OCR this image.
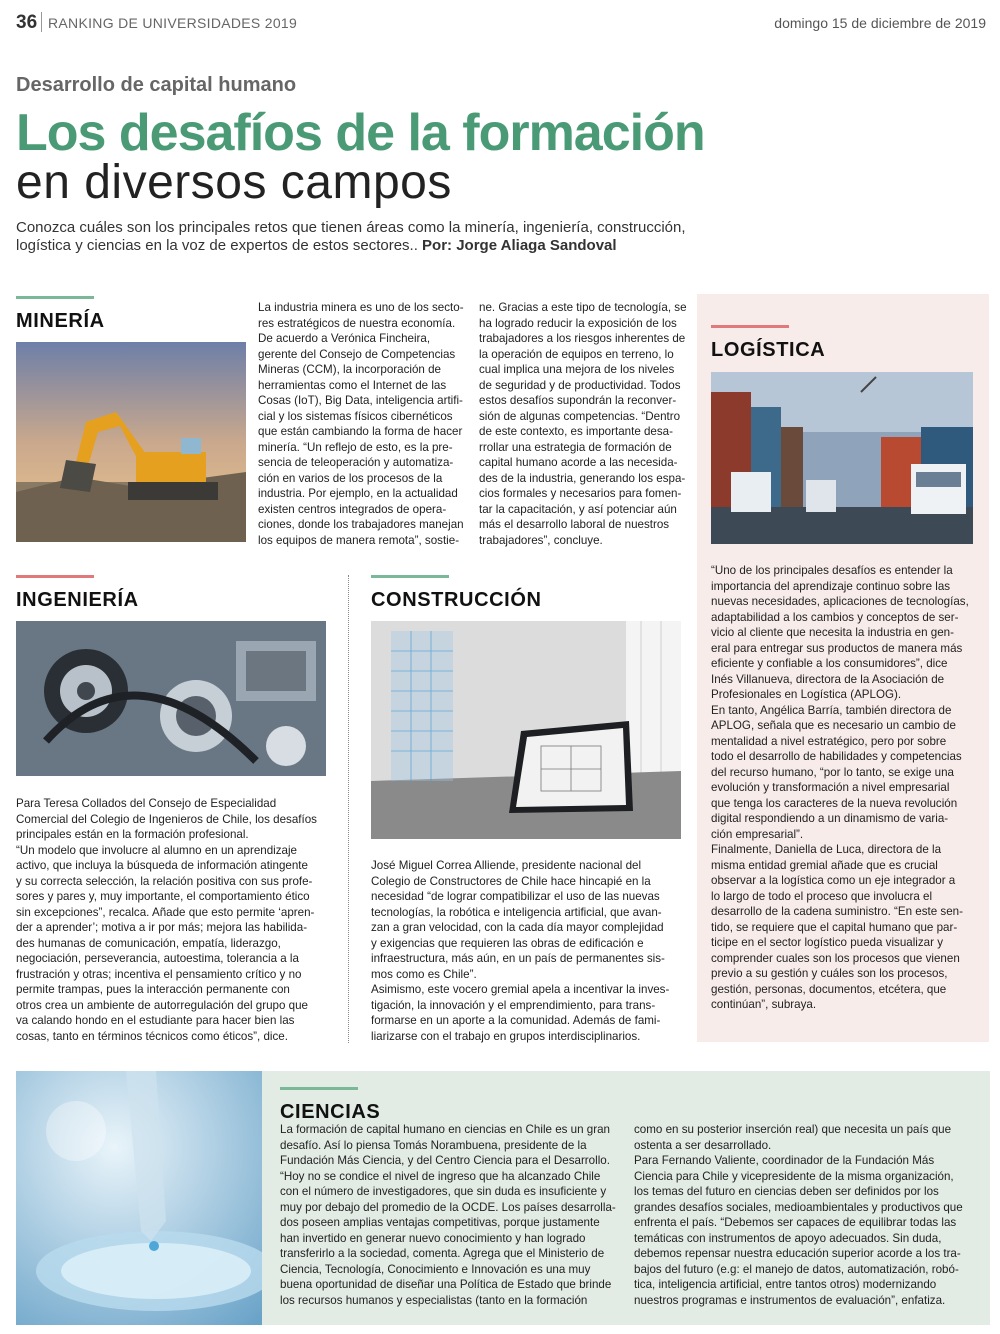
36 RANKING DE UNIVERSIDADES 2019	domingo 15 de diciembre de 2019
Desarrollo de capital humano
Los desafíos de la formación
en diversos campos
Conozca cuáles son los principales retos que tienen áreas como la minería, ingeniería, construcción, logística y ciencias en la voz de expertos de estos sectores.. Por: Jorge Aliaga Sandoval
MINERÍA

La industria minera es uno de los secto-

res estratégicos de nuestra economía.

De acuerdo a Verónica Fincheira,

gerente del Consejo de Competencias

Mineras (CCM), la incorporación de

herramientas como el Internet de las

Cosas (IoT), Big Data, inteligencia artifi-

cial y los sistemas físicos cibernéticos

que están cambiando la forma de hacer

minería. “Un reflejo de esto, es la pre-

sencia de teleoperación y automatiza-

ción en varios de los procesos de la

industria. Por ejemplo, en la actualidad

existen centros integrados de opera-

ciones, donde los trabajadores manejan

los equipos de manera remota”, sostie-

ne. Gracias a este tipo de tecnología, se

ha logrado reducir la exposición de los

trabajadores a los riesgos inherentes de

la operación de equipos en terreno, lo

cual implica una mejora de los niveles

de seguridad y de productividad. Todos

estos desafíos supondrán la reconver-

sión de algunas competencias. “Dentro

de este contexto, es importante desa-

rrollar una estrategia de formación de

capital humano acorde a las necesida-

des de la industria, generando los espa-

cios formales y necesarios para fomen-

tar la capacitación, y así potenciar aún

más el desarrollo laboral de nuestros

trabajadores”, concluye.

INGENIERÍA

Para Teresa Collados del Consejo de Especialidad

Comercial del Colegio de Ingenieros de Chile, los desafíos

principales están en la formación profesional.

“Un modelo que involucre al alumno en un aprendizaje

activo, que incluya la búsqueda de información atingente

y su correcta selección, la relación positiva con sus profe-

sores y pares y, muy importante, el comportamiento ético

sin excepciones”, recalca. Añade que esto permite ‘apren-

der a aprender’; motiva a ir por más; mejora las habilida-

des humanas de comunicación, empatía, liderazgo,

negociación, perseverancia, autoestima, tolerancia a la

frustración y otras; incentiva el pensamiento crítico y no

permite trampas, pues la interacción permanente con

otros crea un ambiente de autorregulación del grupo que

va calando hondo en el estudiante para hacer bien las

cosas, tanto en términos técnicos como éticos”, dice.

CONSTRUCCIÓN

José Miguel Correa Alliende, presidente nacional del

Colegio de Constructores de Chile hace hincapié en la

necesidad “de lograr compatibilizar el uso de las nuevas

tecnologías, la robótica e inteligencia artificial, que avan-

zan a gran velocidad, con la cada día mayor complejidad

y exigencias que requieren las obras de edificación e

infraestructura, más aún, en un país de permanentes sis-

mos como es Chile”.

Asimismo, este vocero gremial apela a incentivar la inves-

tigación, la innovación y el emprendimiento, para trans-

formarse en un aporte a la comunidad. Además de fami-

liarizarse con el trabajo en grupos interdisciplinarios.

LOGÍSTICA

“Uno de los principales desafíos es entender la

importancia del aprendizaje continuo sobre las

nuevas necesidades, aplicaciones de tecnologías,

adaptabilidad a los cambios y conceptos de ser-

vicio al cliente que necesita la industria en gen-

eral para entregar sus productos de manera más

eficiente y confiable a los consumidores”, dice

Inés Villanueva, directora de la Asociación de

Profesionales en Logística (APLOG).

En tanto, Angélica Barría, también directora de

APLOG, señala que es necesario un cambio de

mentalidad a nivel estratégico, pero por sobre

todo el desarrollo de habilidades y competencias

del recurso humano, “por lo tanto, se exige una

evolución y transformación a nivel empresarial

que tenga los caracteres de la nueva revolución

digital respondiendo a un dinamismo de varia-

ción empresarial”.

Finalmente, Daniella de Luca, directora de la

misma entidad gremial añade que es crucial

observar a la logística como un eje integrador a

lo largo de todo el proceso que involucra el

desarrollo de la cadena suministro. “En este sen-

tido, se requiere que el capital humano que par-

ticipe en el sector logístico pueda visualizar y

comprender cuales son los procesos que vienen

previo a su gestión y cuáles son los procesos,

gestión, personas, documentos, etcétera, que

continúan”, subraya.

CIENCIAS

La formación de capital humano en ciencias en Chile es un gran

desafío. Así lo piensa Tomás Norambuena, presidente de la

Fundación Más Ciencia, y del Centro Ciencia para el Desarrollo.

“Hoy no se condice el nivel de ingreso que ha alcanzado Chile

con el número de investigadores, que sin duda es insuficiente y

muy por debajo del promedio de la OCDE. Los países desarrolla-

dos poseen amplias ventajas competitivas, porque justamente

han invertido en generar nuevo conocimiento y han logrado

transferirlo a la sociedad, comenta. Agrega que el Ministerio de

Ciencia, Tecnología, Conocimiento e Innovación es una muy

buena oportunidad de diseñar una Política de Estado que brinde

los recursos humanos y especialistas (tanto en la formación

como en su posterior inserción real) que necesita un país que

ostenta a ser desarrollado.

Para Fernando Valiente, coordinador de la Fundación Más

Ciencia para Chile y vicepresidente de la misma organización,

los temas del futuro en ciencias deben ser definidos por los

grandes desafíos sociales, medioambientales y productivos que

enfrenta el país. “Debemos ser capaces de equilibrar todas las

temáticas con instrumentos de apoyo adecuados. Sin duda,

debemos repensar nuestra educación superior acorde a los tra-

bajos del futuro (e.g: el manejo de datos, automatización, robó-

tica, inteligencia artificial, entre tantos otros) modernizando

nuestros programas e instrumentos de evaluación”, enfatiza.
